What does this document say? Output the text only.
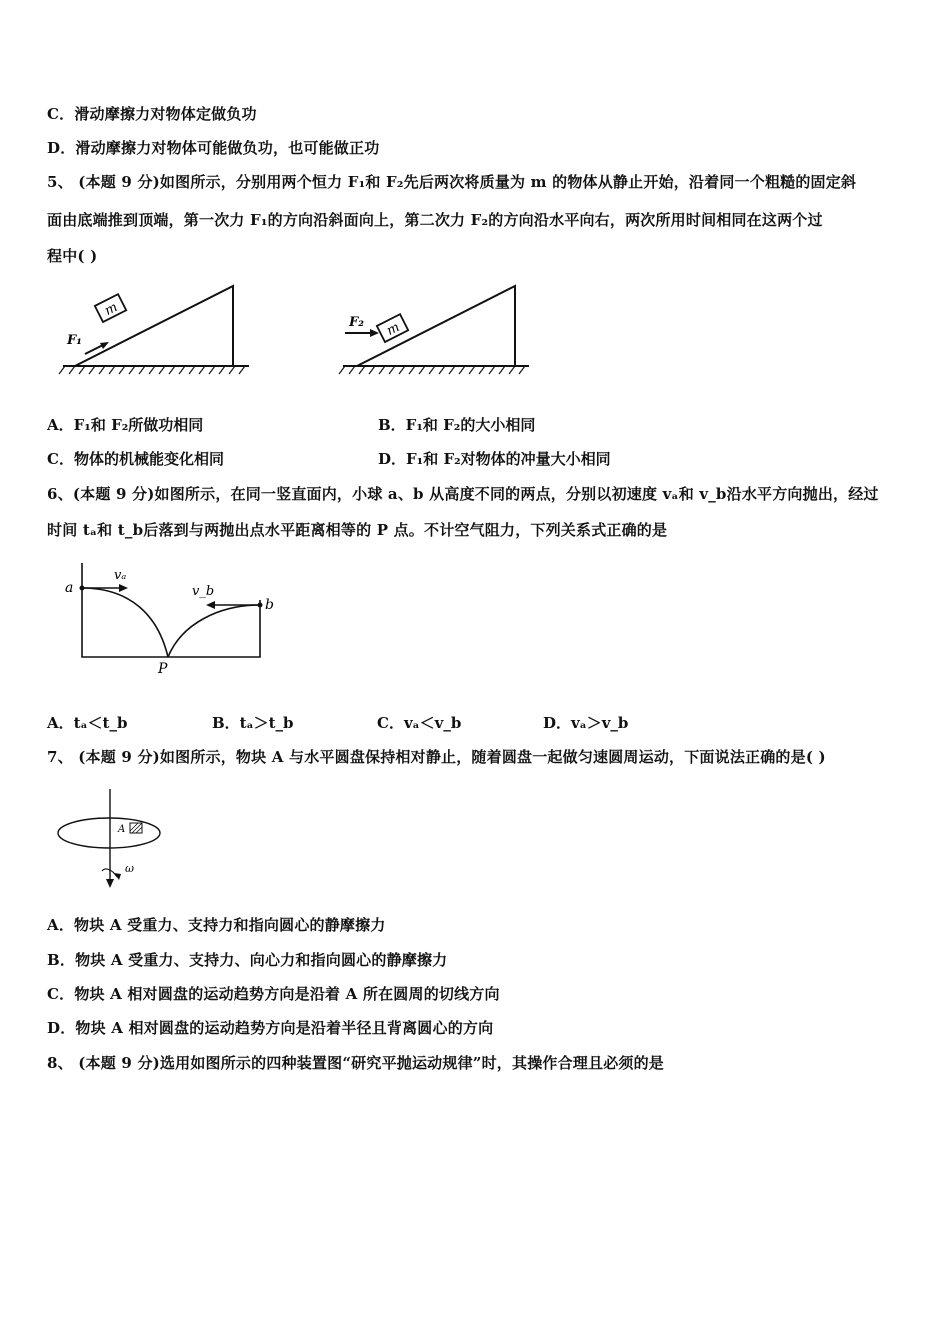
C．滑动摩擦力对物体定做负功
D．滑动摩擦力对物体可能做负功，也可能做正功
5、 (本题 9 分)如图所示，分别用两个恒力 F₁和 F₂先后两次将质量为 m 的物体从静止开始，沿着同一个粗糙的固定斜
面由底端推到顶端，第一次力 F₁的方向沿斜面向上，第二次力 F₂的方向沿水平向右，两次所用时间相同在这两个过
程中( )
m
F₁
m
F₂
A．F₁和 F₂所做功相同	B．F₁和 F₂的大小相同
C．物体的机械能变化相同	D．F₁和 F₂对物体的冲量大小相同
6、(本题 9 分)如图所示，在同一竖直面内，小球 a、b 从高度不同的两点，分别以初速度 vₐ和 v_b沿水平方向抛出，经过
时间 tₐ和 t_b后落到与两抛出点水平距离相等的 P 点。不计空气阻力，下列关系式正确的是
a
b
vₐ
v_b
P
A．tₐ＜t_b	B．tₐ＞t_b	C．vₐ＜v_b	D．vₐ＞v_b
7、 (本题 9 分)如图所示，物块 A 与水平圆盘保持相对静止，随着圆盘一起做匀速圆周运动，下面说法正确的是( )
A
ω
A．物块 A 受重力、支持力和指向圆心的静摩擦力
B．物块 A 受重力、支持力、向心力和指向圆心的静摩擦力
C．物块 A 相对圆盘的运动趋势方向是沿着 A 所在圆周的切线方向
D．物块 A 相对圆盘的运动趋势方向是沿着半径且背离圆心的方向
8、 (本题 9 分)选用如图所示的四种装置图“研究平抛运动规律”时，其操作合理且必须的是
